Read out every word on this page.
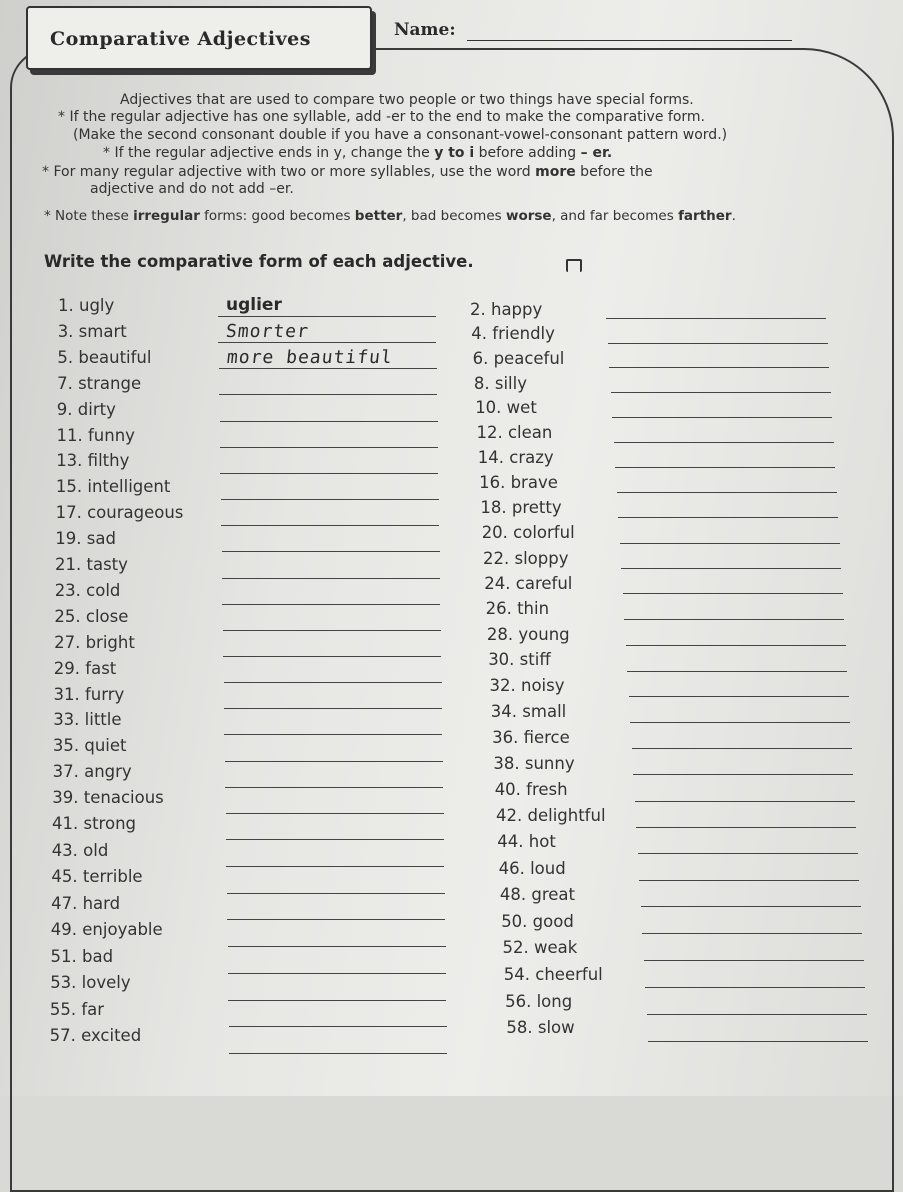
Comparative Adjectives	Name:
Adjectives that are used to compare two people or two things have special forms.
* If the regular adjective has one syllable, add -er to the end to make the comparative form.
(Make the second consonant double if you have a consonant-vowel-consonant pattern word.)
* If the regular adjective ends in y, change the y to i before adding – er.
* For many regular adjective with two or more syllables, use the word more before the
adjective and do not add –er.
* Note these irregular forms: good becomes better, bad becomes worse, and far becomes farther.
Write the comparative form of each adjective.
1. ugly	uglier
3. smart	Smorter
5. beautiful	more beautiful
7. strange
9. dirty
11. funny
13. filthy
15. intelligent
17. courageous
19. sad
21. tasty
23. cold
25. close
27. bright
29. fast
31. furry
33. little
35. quiet
37. angry
39. tenacious
41. strong
43. old
45. terrible
47. hard
49. enjoyable
51. bad
53. lovely
55. far
57. excited
2. happy
4. friendly
6. peaceful
8. silly
10. wet
12. clean
14. crazy
16. brave
18. pretty
20. colorful
22. sloppy
24. careful
26. thin
28. young
30. stiff
32. noisy
34. small
36. fierce
38. sunny
40. fresh
42. delightful
44. hot
46. loud
48. great
50. good
52. weak
54. cheerful
56. long
58. slow
